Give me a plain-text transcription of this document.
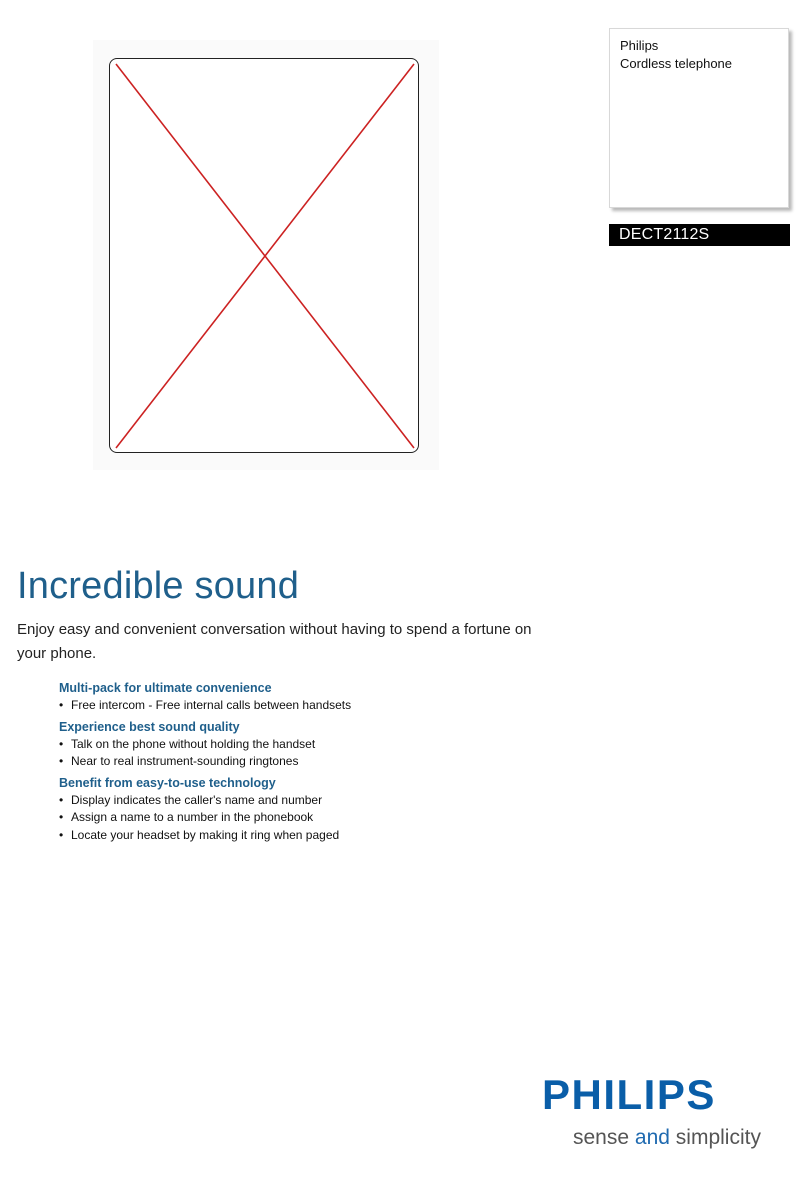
Philips
Cordless telephone
DECT2112S
Incredible sound
Enjoy easy and convenient conversation without having to spend a fortune on your phone.
Multi-pack for ultimate convenience
• Free intercom - Free internal calls between handsets
Experience best sound quality
• Talk on the phone without holding the handset
• Near to real instrument-sounding ringtones
Benefit from easy-to-use technology
• Display indicates the caller's name and number
• Assign a name to a number in the phonebook
• Locate your headset by making it ring when paged
PHILIPS
sense and simplicity
